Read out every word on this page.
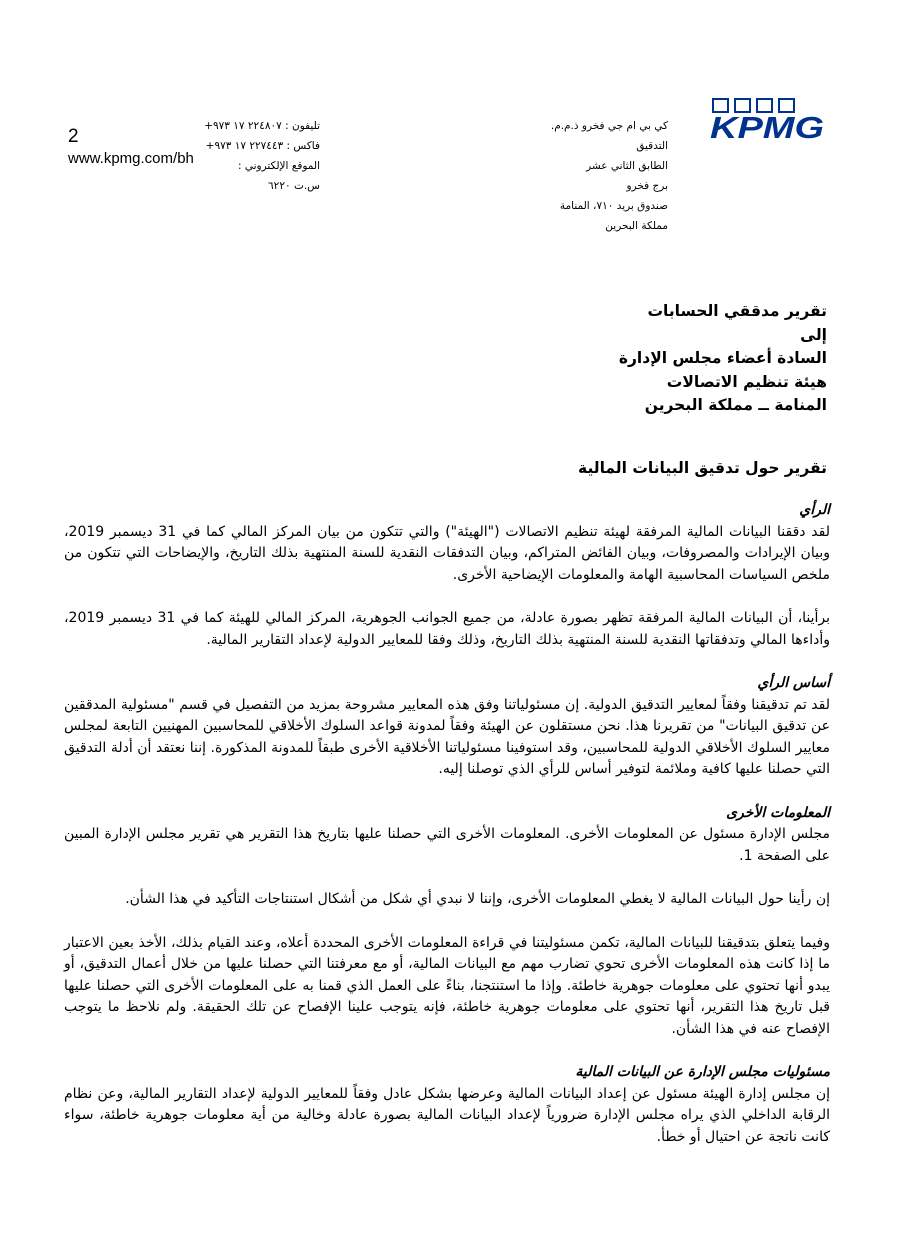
KPMG
كي بي ام جي فخرو ذ.م.م.
التدقيق
الطابق الثاني عشر
برج فخرو
صندوق بريد ٧١٠، المنامة
مملكة البحرين
تليفون : ٢٢٤٨٠٧ ١٧ ٩٧٣+
فاكس : ٢٢٧٤٤٣ ١٧ ٩٧٣+
الموقع الإلكتروني :
س.ت ٦٢٢٠
2
www.kpmg.com/bh
تقرير مدققي الحسابات
إلى
السادة أعضاء مجلس الإدارة
هيئة تنظيم الاتصالات
المنامة ــ مملكة البحرين
تقرير حول تدقيق البيانات المالية
الرأي

لقد دققنا البيانات المالية المرفقة لهيئة تنظيم الاتصالات ("الهيئة") والتي تتكون من بيان المركز المالي كما في 31 ديسمبر 2019، وبيان الإيرادات والمصروفات، وبيان الفائض المتراكم، وبيان التدفقات النقدية للسنة المنتهية بذلك التاريخ، والإيضاحات التي تتكون من ملخص السياسات المحاسبية الهامة والمعلومات الإيضاحية الأخرى.

برأينا، أن البيانات المالية المرفقة تظهر بصورة عادلة، من جميع الجوانب الجوهرية، المركز المالي للهيئة كما في 31 ديسمبر 2019، وأداءها المالي وتدفقاتها النقدية للسنة المنتهية بذلك التاريخ، وذلك وفقا للمعايير الدولية لإعداد التقارير المالية.

أساس الرأي

لقد تم تدقيقنا وفقاً لمعايير التدقيق الدولية. إن مسئولياتنا وفق هذه المعايير مشروحة بمزيد من التفصيل في قسم "مسئولية المدققين عن تدقيق البيانات" من تقريرنا هذا. نحن مستقلون عن الهيئة وفقاً لمدونة قواعد السلوك الأخلاقي للمحاسبين المهنيين التابعة لمجلس معايير السلوك الأخلاقي الدولية للمحاسبين، وقد استوفينا مسئولياتنا الأخلاقية الأخرى طبقاً للمدونة المذكورة. إننا نعتقد أن أدلة التدقيق التي حصلنا عليها كافية وملائمة لتوفير أساس للرأي الذي توصلنا إليه.

المعلومات الأخرى

مجلس الإدارة مسئول عن المعلومات الأخرى. المعلومات الأخرى التي حصلنا عليها بتاريخ هذا التقرير هي تقرير مجلس الإدارة المبين على الصفحة 1.

إن رأينا حول البيانات المالية لا يغطي المعلومات الأخرى، وإننا لا نبدي أي شكل من أشكال استنتاجات التأكيد في هذا الشأن.

وفيما يتعلق بتدقيقنا للبيانات المالية، تكمن مسئوليتنا في قراءة المعلومات الأخرى المحددة أعلاه، وعند القيام بذلك، الأخذ بعين الاعتبار ما إذا كانت هذه المعلومات الأخرى تحوي تضارب مهم مع البيانات المالية، أو مع معرفتنا التي حصلنا عليها من خلال أعمال التدقيق، أو يبدو أنها تحتوي على معلومات جوهرية خاطئة. وإذا ما استنتجنا، بناءً على العمل الذي قمنا به على المعلومات الأخرى التي حصلنا عليها قبل تاريخ هذا التقرير، أنها تحتوي على معلومات جوهرية خاطئة، فإنه يتوجب علينا الإفصاح عن تلك الحقيقة. ولم نلاحظ ما يتوجب الإفصاح عنه في هذا الشأن.

مسئوليات مجلس الإدارة عن البيانات المالية

إن مجلس إدارة الهيئة مسئول عن إعداد البيانات المالية وعرضها بشكل عادل وفقاً للمعايير الدولية لإعداد التقارير المالية، وعن نظام الرقابة الداخلي الذي يراه مجلس الإدارة ضرورياً لإعداد البيانات المالية بصورة عادلة وخالية من أية معلومات جوهرية خاطئة، سواء كانت ناتجة عن احتيال أو خطأ.
